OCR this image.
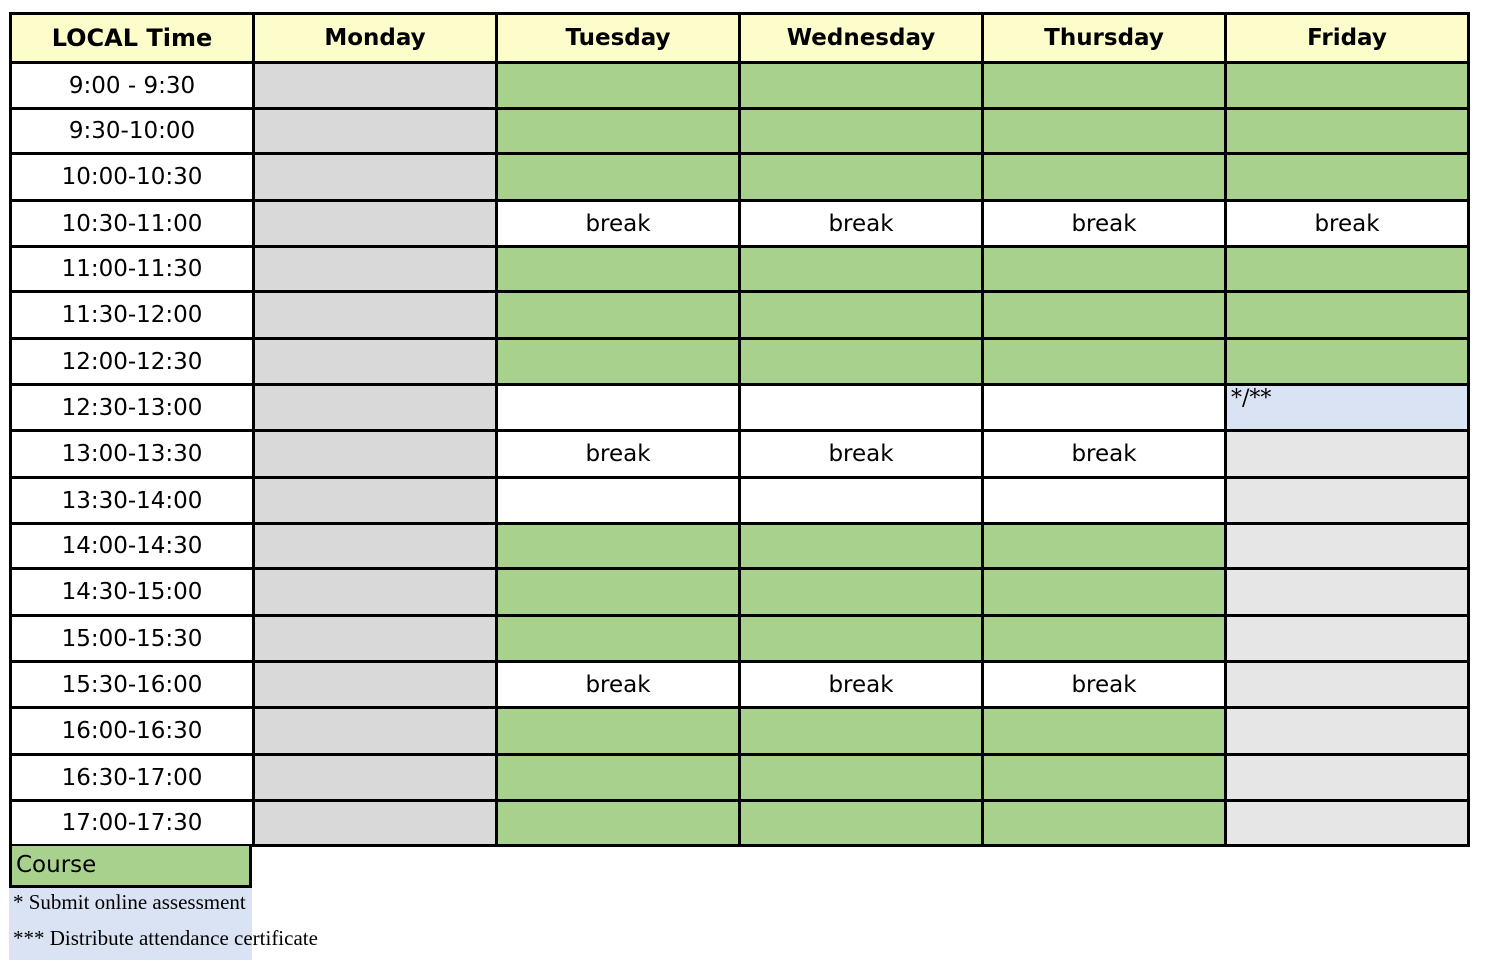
LOCAL Time	Monday	Tuesday	Wednesday	Thursday	Friday
9:00 - 9:30					
9:30-10:00					
10:00-10:30					
10:30-11:00		break	break	break	break
11:00-11:30					
11:30-12:00					
12:00-12:30					
12:30-13:00					*/**
13:00-13:30		break	break	break	
13:30-14:00					
14:00-14:30					
14:30-15:00					
15:00-15:30					
15:30-16:00		break	break	break	
16:00-16:30					
16:30-17:00					
17:00-17:30					
Course
* Submit online assessment
*** Distribute attendance certificate
